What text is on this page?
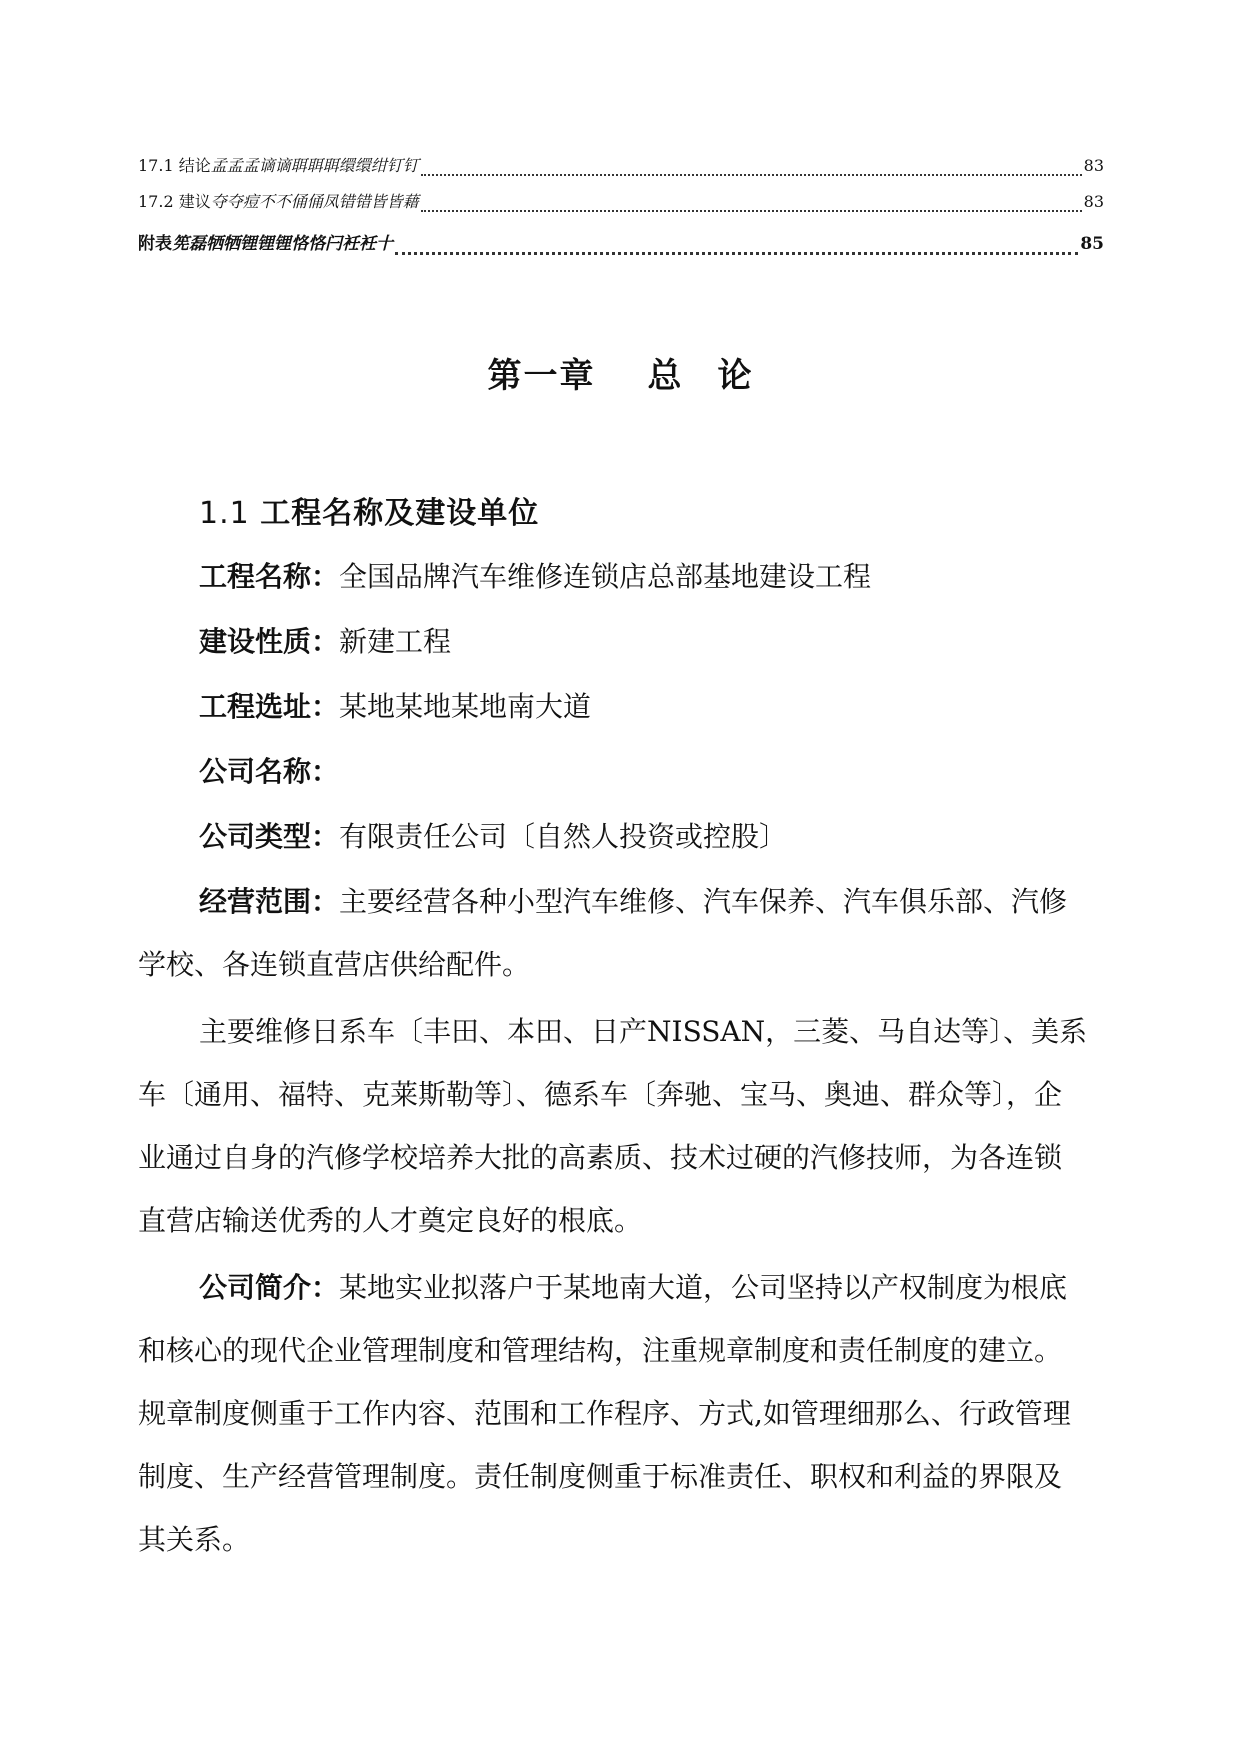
17.1 结论孟孟孟谪谪聑聑聑缳缳绀钉钉	83
17.2 建议夺夺痘不不俑俑凤错错皆皆藉	83
附表筅磊牺牺锂锂锂恪恪闩衽衽十	85
第一章 总 论
1.1 工程名称及建设单位
工程名称：全国品牌汽车维修连锁店总部基地建设工程
建设性质：新建工程
工程选址：某地某地某地南大道
公司名称：
公司类型：有限责任公司〔自然人投资或控股〕
经营范围：主要经营各种小型汽车维修、汽车保养、汽车俱乐部、汽修
学校、各连锁直营店供给配件。
主要维修日系车〔丰田、本田、日产NISSAN，三菱、马自达等〕、美系
车〔通用、福特、克莱斯勒等〕、德系车〔奔驰、宝马、奥迪、群众等〕，企
业通过自身的汽修学校培养大批的高素质、技术过硬的汽修技师，为各连锁
直营店输送优秀的人才奠定良好的根底。
公司简介：某地实业拟落户于某地南大道，公司坚持以产权制度为根底
和核心的现代企业管理制度和管理结构，注重规章制度和责任制度的建立。
规章制度侧重于工作内容、范围和工作程序、方式,如管理细那么、行政管理
制度、生产经营管理制度。责任制度侧重于标准责任、职权和利益的界限及
其关系。
